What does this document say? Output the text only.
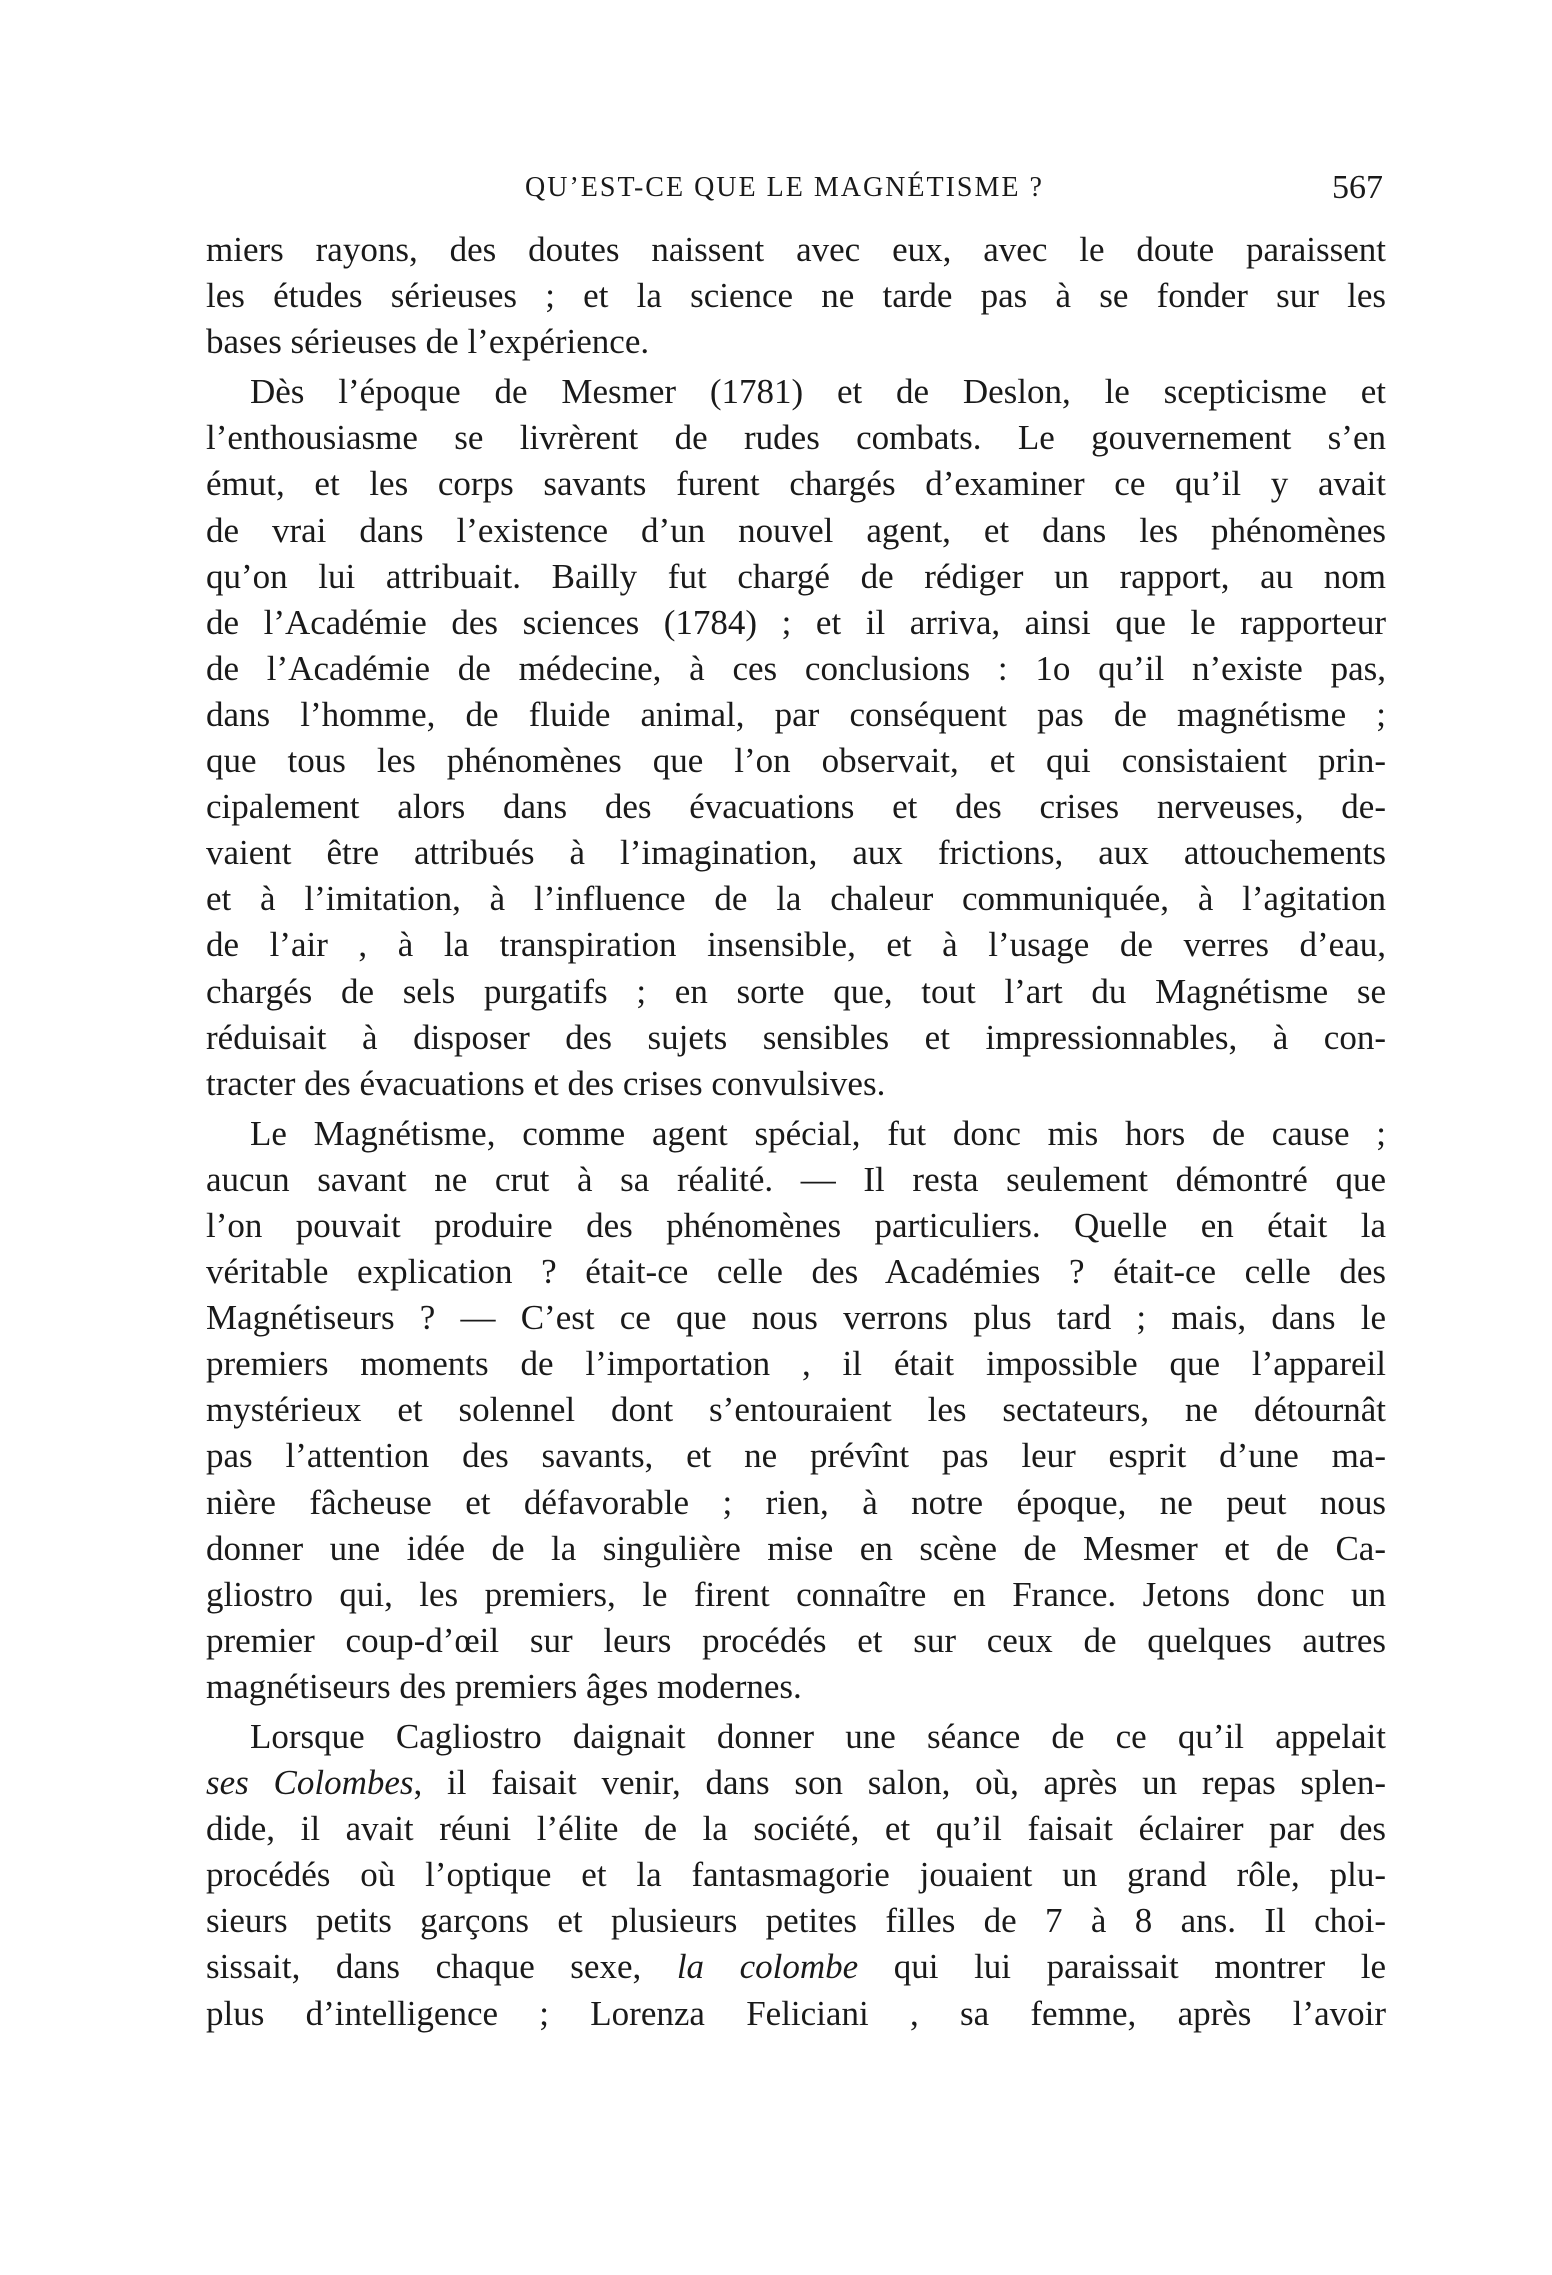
QU’EST-CE QUE LE MAGNÉTISME ?	567
miers rayons, des doutes naissent avec eux, avec le doute paraissent
les études sérieuses ; et la science ne tarde pas à se fonder sur les
bases sérieuses de l’expérience.
Dès l’époque de Mesmer (1781) et de Deslon, le scepticisme et
l’enthousiasme se livrèrent de rudes combats. Le gouvernement s’en
émut, et les corps savants furent chargés d’examiner ce qu’il y avait
de vrai dans l’existence d’un nouvel agent, et dans les phénomènes
qu’on lui attribuait. Bailly fut chargé de rédiger un rapport, au nom
de l’Académie des sciences (1784) ; et il arriva, ainsi que le rapporteur
de l’Académie de médecine, à ces conclusions : 1o qu’il n’existe pas,
dans l’homme, de fluide animal, par conséquent pas de magnétisme ;
que tous les phénomènes que l’on observait, et qui consistaient prin-
cipalement alors dans des évacuations et des crises nerveuses, de-
vaient être attribués à l’imagination, aux frictions, aux attouchements
et à l’imitation, à l’influence de la chaleur communiquée, à l’agitation
de l’air , à la transpiration insensible, et à l’usage de verres d’eau,
chargés de sels purgatifs ; en sorte que, tout l’art du Magnétisme se
réduisait à disposer des sujets sensibles et impressionnables, à con-
tracter des évacuations et des crises convulsives.
Le Magnétisme, comme agent spécial, fut donc mis hors de cause ;
aucun savant ne crut à sa réalité. — Il resta seulement démontré que
l’on pouvait produire des phénomènes particuliers. Quelle en était la
véritable explication ? était-ce celle des Académies ? était-ce celle des
Magnétiseurs ? — C’est ce que nous verrons plus tard ; mais, dans le
premiers moments de l’importation , il était impossible que l’appareil
mystérieux et solennel dont s’entouraient les sectateurs, ne détournât
pas l’attention des savants, et ne prévînt pas leur esprit d’une ma-
nière fâcheuse et défavorable ; rien, à notre époque, ne peut nous
donner une idée de la singulière mise en scène de Mesmer et de Ca-
gliostro qui, les premiers, le firent connaître en France. Jetons donc un
premier coup-d’œil sur leurs procédés et sur ceux de quelques autres
magnétiseurs des premiers âges modernes.
Lorsque Cagliostro daignait donner une séance de ce qu’il appelait
ses Colombes, il faisait venir, dans son salon, où, après un repas splen-
dide, il avait réuni l’élite de la société, et qu’il faisait éclairer par des
procédés où l’optique et la fantasmagorie jouaient un grand rôle, plu-
sieurs petits garçons et plusieurs petites filles de 7 à 8 ans. Il choi-
sissait, dans chaque sexe, la colombe qui lui paraissait montrer le
plus d’intelligence ; Lorenza Feliciani , sa femme, après l’avoir
